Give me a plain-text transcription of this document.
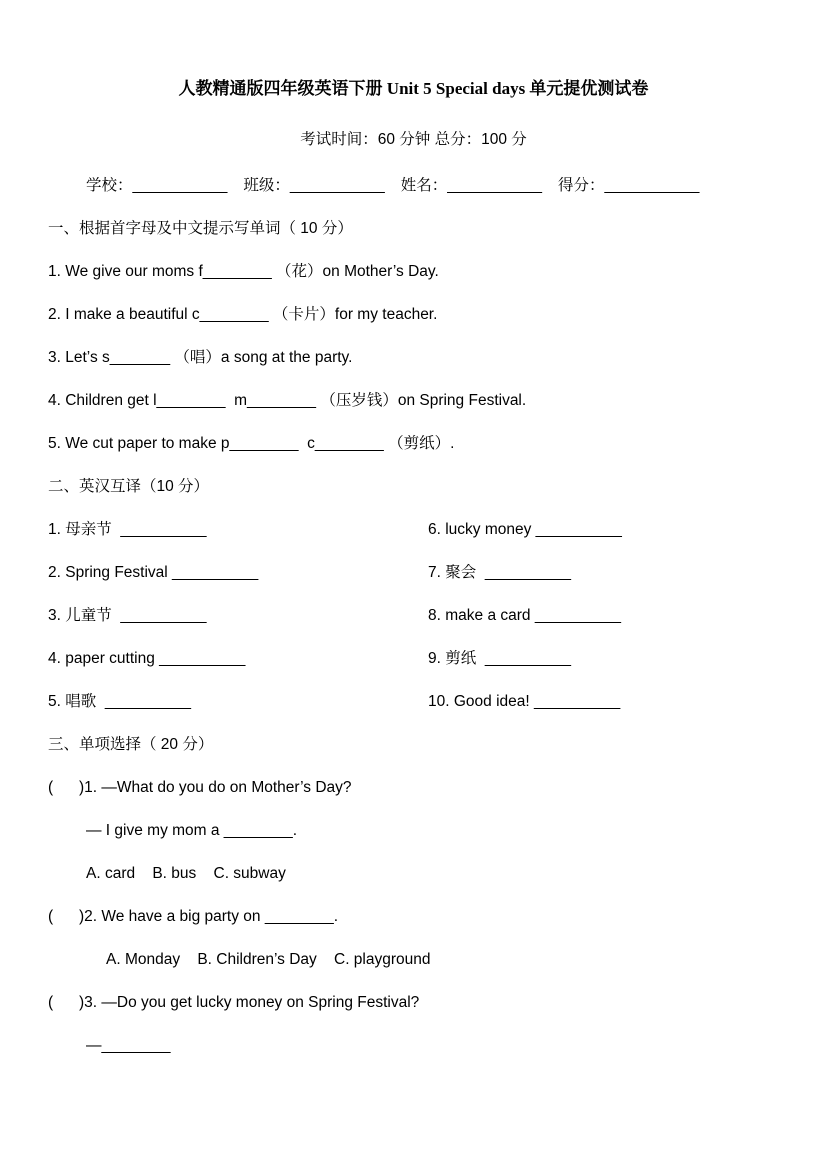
人教精通版四年级英语下册 Unit 5 Special days 单元提优测试卷
考试时间：60 分钟 总分：100 分
学校：___________ 班级：___________ 姓名：___________ 得分：___________
一、根据首字母及中文提示写单词（ 10 分）
1. We give our moms f________ （花）on Mother’s Day.
2. I make a beautiful c________ （卡片）for my teacher.
3. Let’s s_______ （唱）a song at the party.
4. Children get l________  m________ （压岁钱）on Spring Festival.
5. We cut paper to make p________  c________ （剪纸）.
二、英汉互译（10 分）
1. 母亲节  __________	6. lucky money __________
2. Spring Festival __________	7. 聚会  __________
3. 儿童节  __________	8. make a card __________
4. paper cutting __________	9. 剪纸  __________
5. 唱歌  __________	10. Good idea! __________
三、单项选择（ 20 分）
(      )1. —What do you do on Mother’s Day?
— I give my mom a ________.
A. card    B. bus    C. subway
(      )2. We have a big party on ________.
A. Monday    B. Children’s Day    C. playground
(      )3. —Do you get lucky money on Spring Festival?
—________
